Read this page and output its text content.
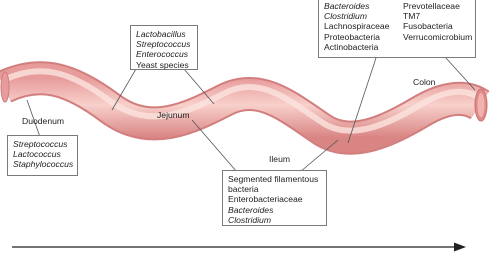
Duodenum
Jejunum
Ileum
Colon
Streptococcus
Lactococcus
Staphylococcus
Lactobacillus
Streptococcus
Enterococcus
Yeast species
Segmented filamentous
bacteria
Enterobacteriaceae
Bacteroides
Clostridium
Bacteroides
Clostridium
Lachnospiraceae
Proteobacteria
Actinobacteria
Prevotellaceae
TM7
Fusobacteria
Verrucomicrobium
